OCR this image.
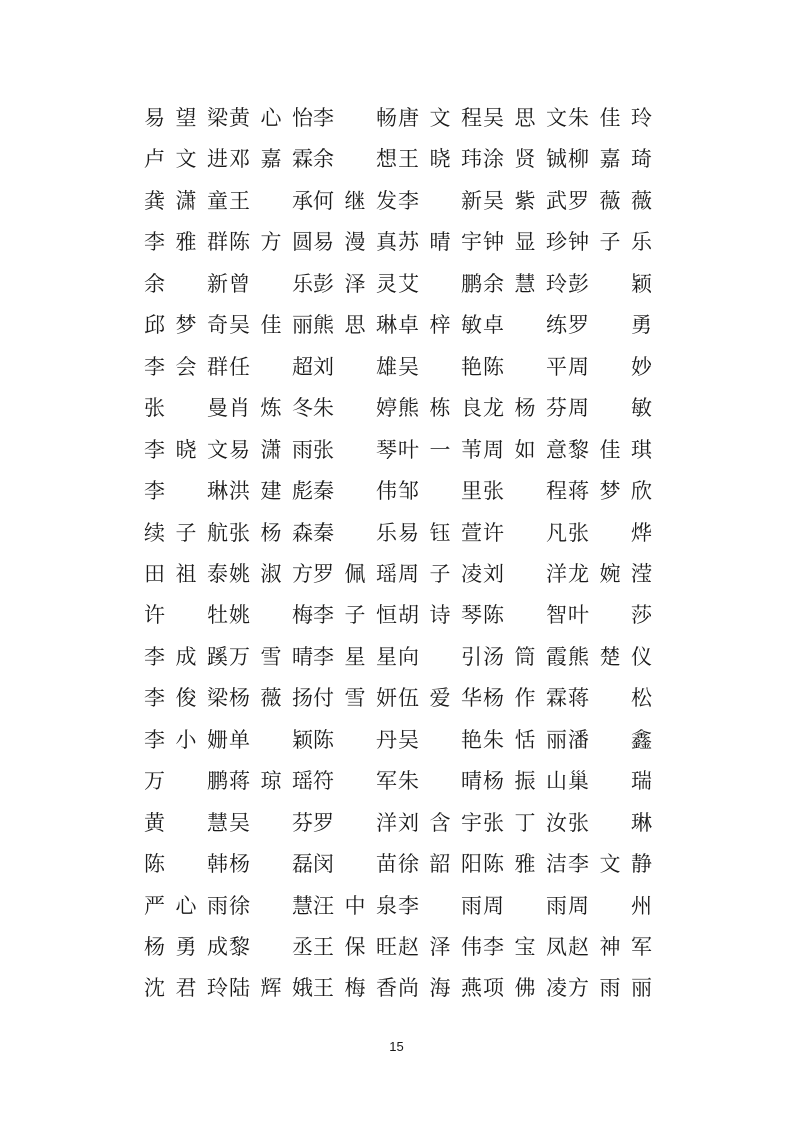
易望梁 黄心怡 李　畅 唐文程 吴思文 朱佳玲
卢文进 邓嘉霖 余　想 王晓玮 涂贤铖 柳嘉琦
龚潇童 王　承 何继发 李　新 吴紫武 罗薇薇
李雅群 陈方圆 易漫真 苏晴宇 钟显珍 钟子乐
余　新 曾　乐 彭泽灵 艾　鹏 余慧玲 彭　颖
邱梦奇 吴佳丽 熊思琳 卓梓敏 卓　练 罗　勇
李会群 任　超 刘　雄 吴　艳 陈　平 周　妙
张　曼 肖炼冬 朱　婷 熊栋良 龙杨芬 周　敏
李晓文 易潇雨 张　琴 叶一苇 周如意 黎佳琪
李　琳 洪建彪 秦　伟 邹　里 张　程 蒋梦欣
续子航 张杨森 秦　乐 易钰萱 许　凡 张　烨
田祖泰 姚淑方 罗佩瑶 周子凌 刘　洋 龙婉滢
许　牡 姚　梅 李子恒 胡诗琴 陈　智 叶　莎
李成蹊 万雪晴 李星星 向　引 汤筒霞 熊楚仪
李俊梁 杨薇扬 付雪妍 伍爱华 杨作霖 蒋　松
李小姗 单　颖 陈　丹 吴　艳 朱恬丽 潘　鑫
万　鹏 蒋琼瑶 符　军 朱　晴 杨振山 巢　瑞
黄　慧 吴　芬 罗　洋 刘含宇 张丁汝 张　琳
陈　韩 杨　磊 闵　苗 徐韶阳 陈雅洁 李文静
严心雨 徐　慧 汪中泉 李　雨 周　雨 周　州
杨勇成 黎　丞 王保旺 赵泽伟 李宝凤 赵神军
沈君玲 陆辉娥 王梅香 尚海燕 项佛凌 方雨丽
15
